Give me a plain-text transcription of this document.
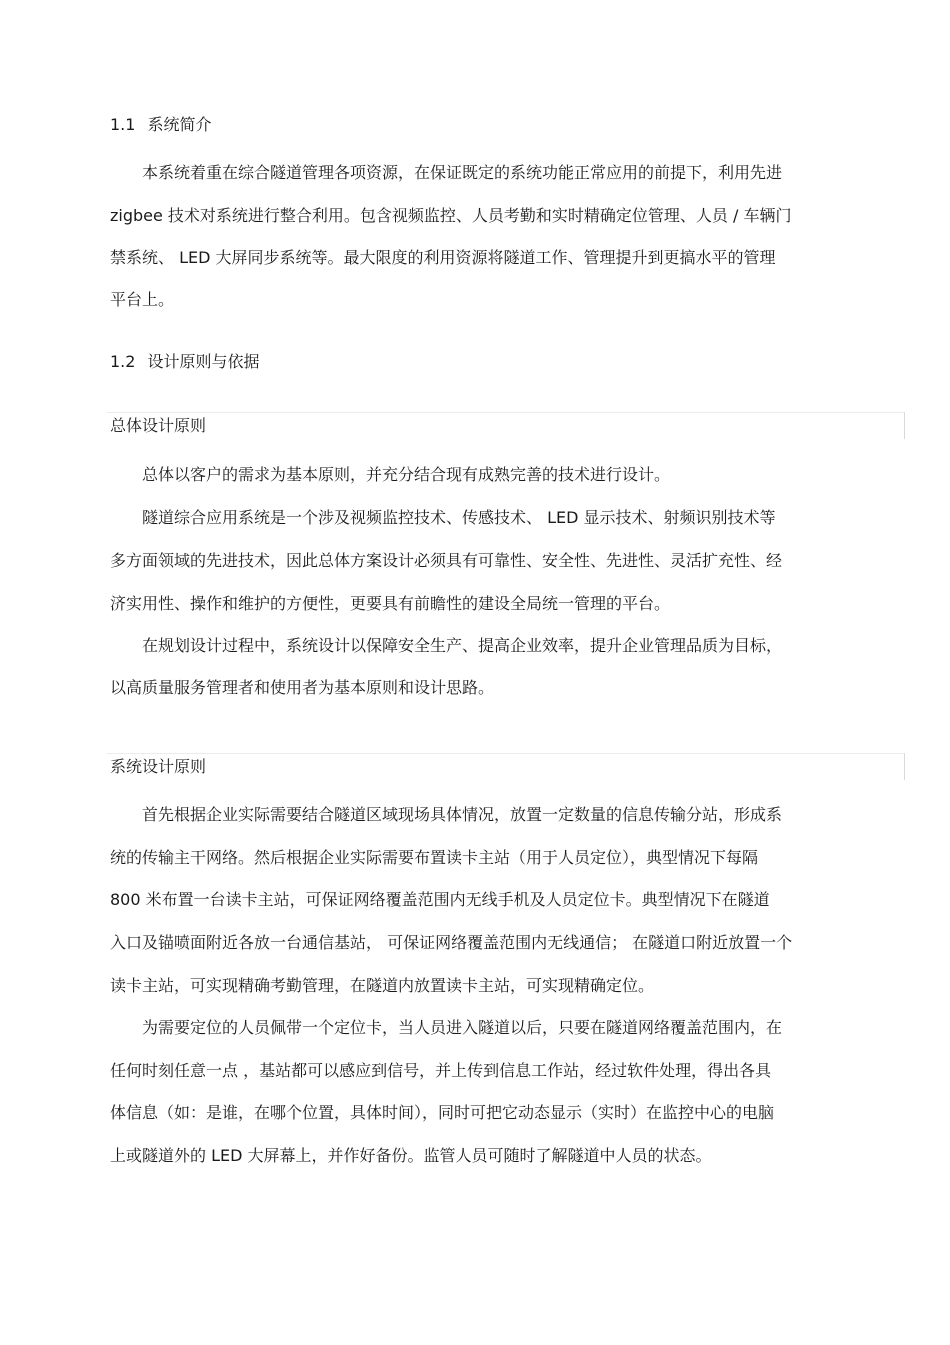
1.1 系统简介
本系统着重在综合隧道管理各项资源，在保证既定的系统功能正常应用的前提下，利用先进
zigbee 技术对系统进行整合利用。包含视频监控、人员考勤和实时精确定位管理、人员 / 车辆门
禁系统、 LED 大屏同步系统等。最大限度的利用资源将隧道工作、管理提升到更搞水平的管理
平台上。
1.2 设计原则与依据
总体设计原则
总体以客户的需求为基本原则，并充分结合现有成熟完善的技术进行设计。
隧道综合应用系统是一个涉及视频监控技术、传感技术、 LED 显示技术、射频识别技术等
多方面领域的先进技术，因此总体方案设计必须具有可靠性、安全性、先进性、灵活扩充性、经
济实用性、操作和维护的方便性，更要具有前瞻性的建设全局统一管理的平台。
在规划设计过程中，系统设计以保障安全生产、提高企业效率，提升企业管理品质为目标，
以高质量服务管理者和使用者为基本原则和设计思路。
系统设计原则
首先根据企业实际需要结合隧道区域现场具体情况，放置一定数量的信息传输分站，形成系
统的传输主干网络。然后根据企业实际需要布置读卡主站（用于人员定位），典型情况下每隔
800 米布置一台读卡主站，可保证网络覆盖范围内无线手机及人员定位卡。典型情况下在隧道
入口及锚喷面附近各放一台通信基站， 可保证网络覆盖范围内无线通信； 在隧道口附近放置一个
读卡主站，可实现精确考勤管理，在隧道内放置读卡主站，可实现精确定位。
为需要定位的人员佩带一个定位卡，当人员进入隧道以后，只要在隧道网络覆盖范围内，在
任何时刻任意一点 ，基站都可以感应到信号，并上传到信息工作站，经过软件处理，得出各具
体信息（如：是谁，在哪个位置，具体时间），同时可把它动态显示（实时）在监控中心的电脑
上或隧道外的 LED 大屏幕上，并作好备份。监管人员可随时了解隧道中人员的状态。
